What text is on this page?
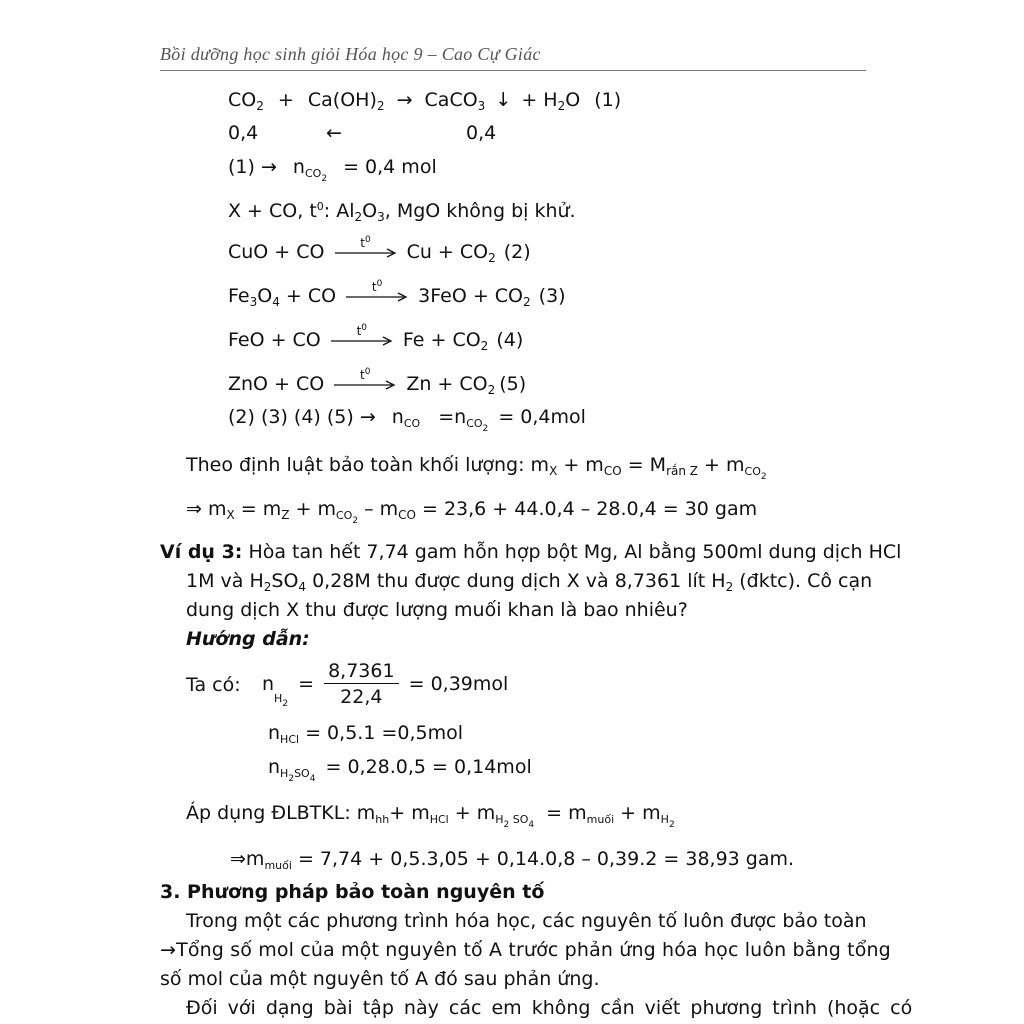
Bồi dưỡng học sinh giỏi Hóa học 9 – Cao Cự Giác
$CO_2 + Ca(OH)_2$ → CaCO$_3$ ↓ + $H_2O$ (1)
0,4	←	0,4
$(1) \to n_{CO_2} = 0,4$ mol
X + CO, $t^0$: $Al_2O_3$, MgO không bị khử.
CuO + CO	$t^0$
$Cu + CO_2$ (2)
$Fe_3O_4$ + CO	$t^0$
$3FeO + CO_2$ (3)
FeO + CO	$t^0$
$Fe + CO_2$ (4)
ZnO + CO	$t^0$
$Zn + CO_2$ (5)
(2) (3) (4) $(5) \to n_{CO} =n_{CO_2} = 0,4mol$
Theo định luật bảo toàn khối lượng: $m_X + m_{CO} = M_{rắn Z} + m_{CO_2}$
⇒ $m_X = m_Z + m_{CO_2} - m_{CO} = 23,6 + 44.0,4 - 28.0,4 = 30$ gam
Ví dụ 3: Hòa tan hết 7,74 gam hỗn hợp bột Mg, Al bằng 500ml dung dịch HCl
1M và $H_2SO_4$ 0,28M thu được dung dịch X và 8,7361 lít $H_2$ (đktc). Cô cạn
dung dịch X thu được lượng muối khan là bao nhiêu?
Hướng dẫn:
Ta có: $n_{H_2} = \frac{8,7361}{22,4} = 0,39mol$
$n_{HCl} = 0,5.1 =0,5mol$
$n_{H_2SO_4} = 0,28.0,5 = 0,14mol$
Áp dụng ĐLBTKL: $m_{hh}+ m_{HCl} + m_{H_2 SO_4} = m_{muối} + m_{H_2}$
$\Rightarrow m_{muối} = 7,74 + 0,5.3,05 + 0,14.0,8 - 0,39.2 = 38,93$ gam.
3. Phương pháp bảo toàn nguyên tố
Trong một các phương trình hóa học, các nguyên tố luôn được bảo toàn
→Tổng số mol của một nguyên tố A trước phản ứng hóa học luôn bằng tổng
số mol của một nguyên tố A đó sau phản ứng.
Đối với dạng bài tập này các em không cần viết phương trình (hoặc có
